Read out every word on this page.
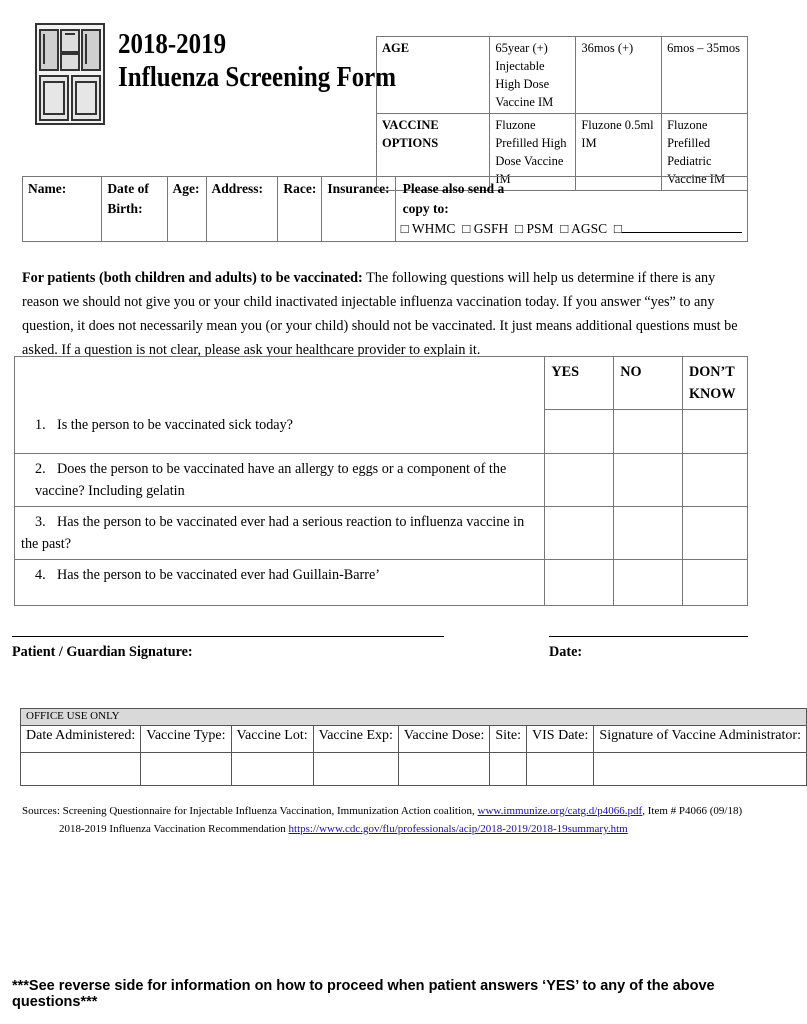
2018-2019
Influenza Screening Form
AGE	65year (+) Injectable High Dose Vaccine IM	36mos (+)	6mos – 35mos
VACCINE OPTIONS	Fluzone Prefilled High Dose Vaccine IM	Fluzone 0.5ml IM	Fluzone Prefilled Pediatric Vaccine IM
Name:	Date of Birth:	Age:	Address:	Race:	Insurance:	Please also send a copy to:
□ WHMC □ GSFH □ PSM □ AGSC □
For patients (both children and adults) to be vaccinated: The following questions will help us determine if there is any reason we should not give you or your child inactivated injectable influenza vaccination today. If you answer “yes” to any question, it does not necessarily mean you (or your child) should not be vaccinated. It just means additional questions must be asked. If a question is not clear, please ask your healthcare provider to explain it.
	YES	NO	DON’T KNOW
1. Is the person to be vaccinated sick today?			

2. Does the person to be vaccinated have an allergy to eggs or a component of the vaccine? Including gelatin			

3. Has the person to be vaccinated ever had a serious reaction to influenza vaccine in the past?			
4. Has the person to be vaccinated ever had Guillain-Barre’			
Patient / Guardian Signature:	Date:
OFFICE USE ONLY							
Date Administered:	Vaccine Type:	Vaccine Lot:	Vaccine Exp:	Vaccine Dose:	Site:	VIS Date:	Signature of Vaccine Administrator:

Sources: Screening Questionnaire for Injectable Influenza Vaccination, Immunization Action coalition, www.immunize.org/catg.d/p4066.pdf, Item # P4066 (09/18)
2018-2019 Influenza Vaccination Recommendation https://www.cdc.gov/flu/professionals/acip/2018-2019/2018-19summary.htm
***See reverse side for information on how to proceed when patient answers ‘YES’ to any of the above questions***
